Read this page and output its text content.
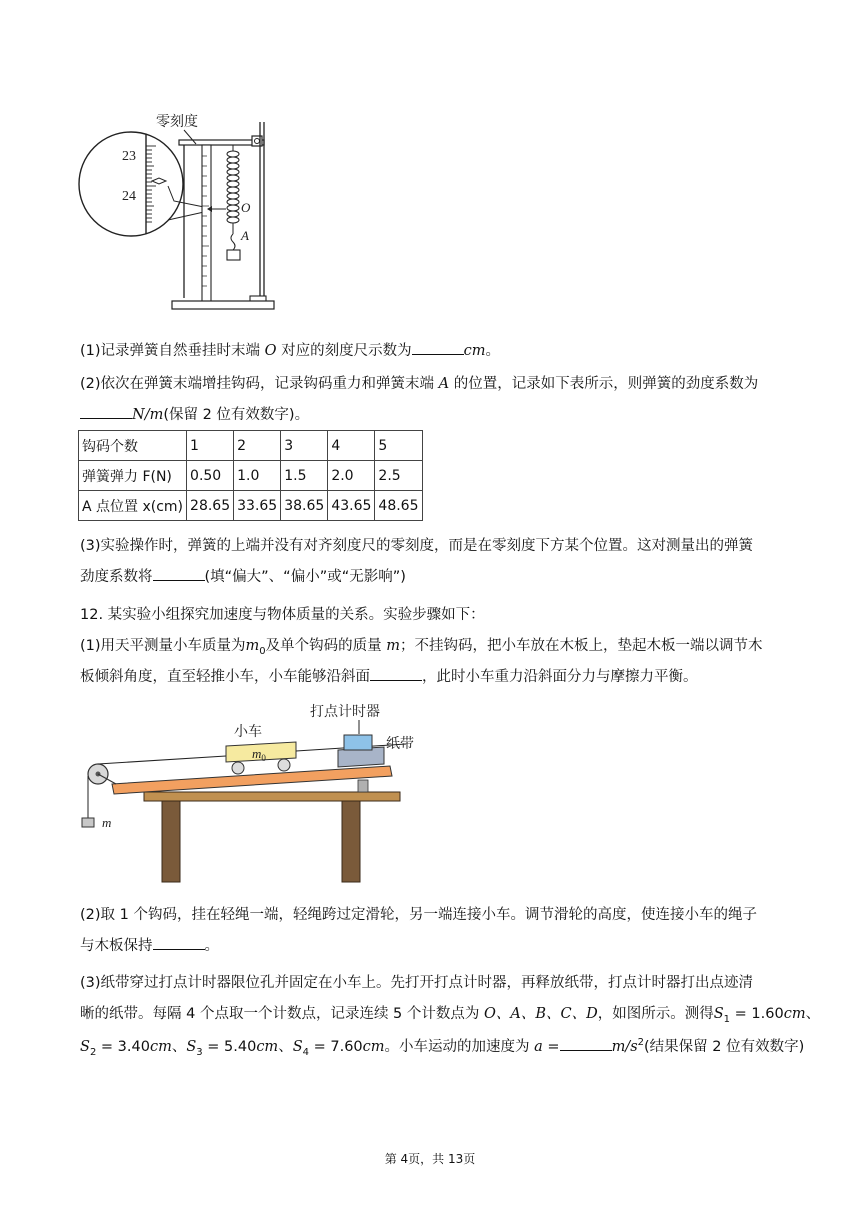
零刻度
23
24
O
A
(1)记录弹簧自然垂挂时末端 O 对应的刻度尺示数为	cm。
(2)依次在弹簧末端增挂钩码，记录钩码重力和弹簧末端 A 的位置，记录如下表所示，则弹簧的劲度系数为
N/m(保留 2 位有效数字)。
钩码个数	1	2	3	4	5
弹簧弹力 F(N)	0.50	1.0	1.5	2.0	2.5
A 点位置 x(cm)	28.65	33.65	38.65	43.65	48.65
(3)实验操作时，弹簧的上端并没有对齐刻度尺的零刻度，而是在零刻度下方某个位置。这对测量出的弹簧
劲度系数将	(填“偏大”、“偏小”或“无影响”)
12. 某实验小组探究加速度与物体质量的关系。实验步骤如下：
(1)用天平测量小车质量为$m_0$及单个钩码的质量 m；不挂钩码，把小车放在木板上，垫起木板一端以调节木
板倾斜角度，直至轻推小车，小车能够沿斜面	，此时小车重力沿斜面分力与摩擦力平衡。
打点计时器
小车
纸带
$m_0$
m
(2)取 1 个钩码，挂在轻绳一端，轻绳跨过定滑轮，另一端连接小车。调节滑轮的高度，使连接小车的绳子
与木板保持	。
(3)纸带穿过打点计时器限位孔并固定在小车上。先打开打点计时器，再释放纸带，打点计时器打出点迹清
晰的纸带。每隔 4 个点取一个计数点，记录连续 5 个计数点为 O、A、B、C、D，如图所示。测得$S_1 = 1.60cm$、
$S_2 = 3.40cm$、$S_3 = 5.40cm$、$S_4 = 7.60cm$。小车运动的加速度为 a =	$m/s^2$(结果保留 2 位有效数字)
第 4页，共 13页
